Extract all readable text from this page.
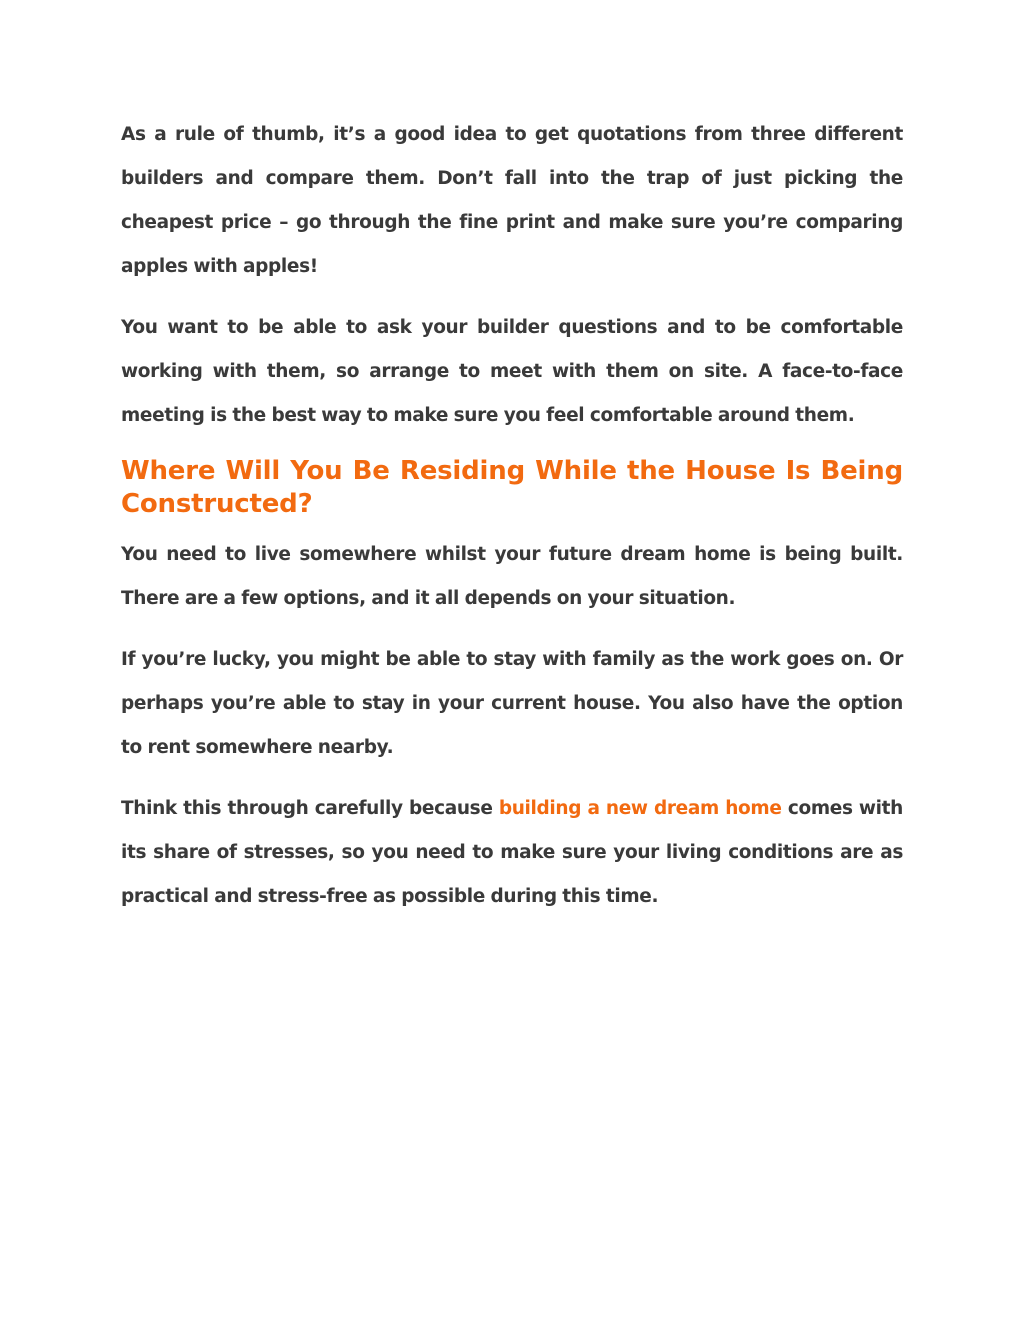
As a rule of thumb, it’s a good idea to get quotations from three different builders and compare them. Don’t fall into the trap of just picking the cheapest price – go through the fine print and make sure you’re comparing apples with apples!

You want to be able to ask your builder questions and to be comfortable working with them, so arrange to meet with them on site. A face-to-face meeting is the best way to make sure you feel comfortable around them.

Where Will You Be Residing While the House Is Being Constructed?

You need to live somewhere whilst your future dream home is being built. There are a few options, and it all depends on your situation.

If you’re lucky, you might be able to stay with family as the work goes on. Or perhaps you’re able to stay in your current house. You also have the option to rent somewhere nearby.

Think this through carefully because building a new dream home comes with its share of stresses, so you need to make sure your living conditions are as practical and stress-free as possible during this time.
